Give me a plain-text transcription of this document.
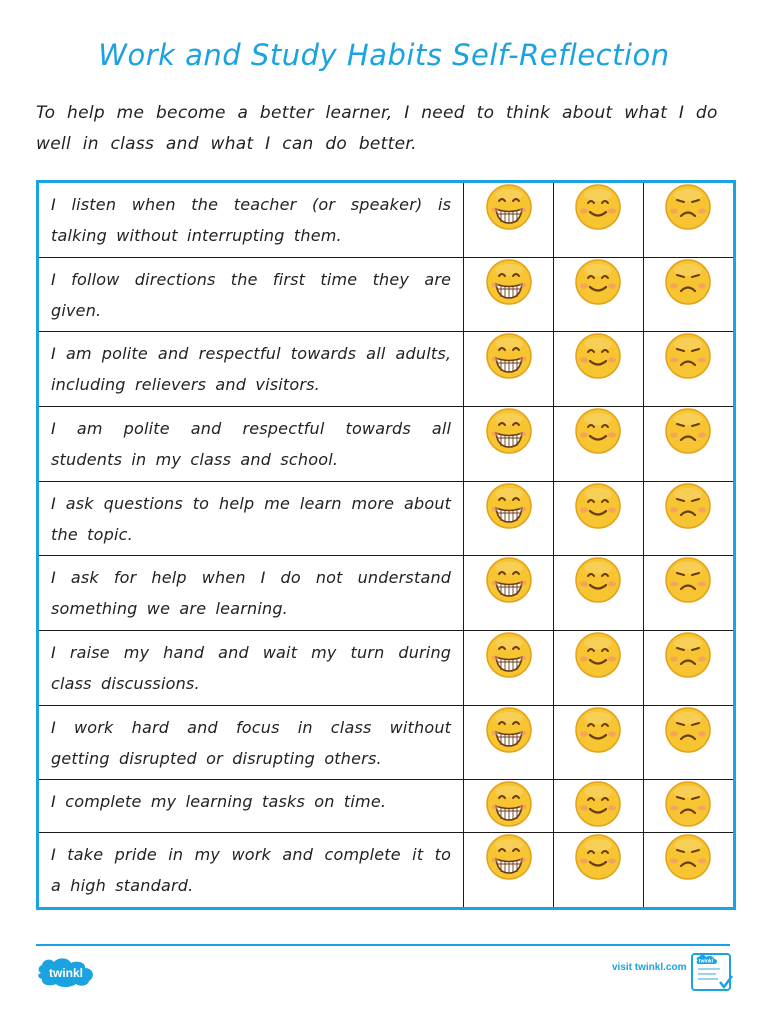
Work and Study Habits Self-Reflection
To help me become a better learner, I need to think about what I do well in class and what I can do better.
I listen when the teacher (or speaker) is talking without interrupting them.

I follow directions the first time they are given.

I am polite and respectful towards all adults, including relievers and visitors.

I am polite and respectful towards all students in my class and school.

I ask questions to help me learn more about the topic.

I ask for help when I do not understand something we are learning.

I raise my hand and wait my turn during class discussions.

I work hard and focus in class without getting disrupted or disrupting others.

I complete my learning tasks on time.

I take pride in my work and complete it to a high standard.

twinkl	visit twinkl.com
twinkl
